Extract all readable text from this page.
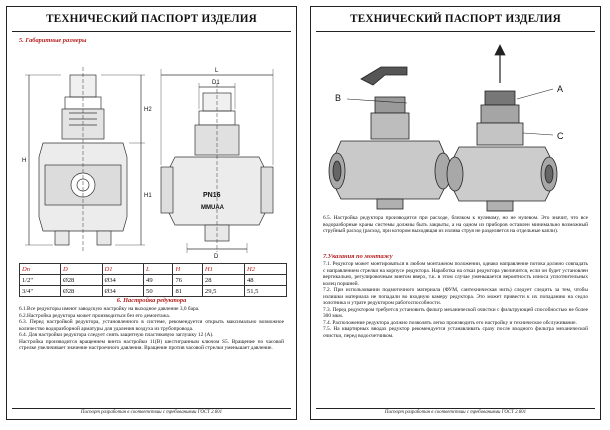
ТЕХНИЧЕСКИЙ ПАСПОРТ ИЗДЕЛИЯ
5. Габаритные размеры
H
H1
H2
L
D1
D
PN16
MMUAA
Dn	D	D1	L	H	H1	H2
1/2"	Ø28	Ø34	49	76	28	48
3/4"	Ø28	Ø34	50	81	29,5	51,5
6. Настройка редуктора

6.1.Все редукторы имеют заводскую настройку на выходное давление 3,0 бара.

6.2.Настройка редуктора может производиться без его демонтажа.

6.3. Перед настройкой редуктора, установленного в системе, рекомендуется открыть максимально возможное количество водоразборной арматуры для удаления воздуха из трубопровода.

6.4. Для настройки редуктора следует снять защитную пластиковую заглушку 12 (А).

Настройка производится вращением винта настройки 11(В) шестигранным ключом S5. Вращение по часовой стрелке увеличивает значение настроечного давления. Вращение против часовой стрелки уменьшает давление.

Паспорт разработан в соответствии с требованиями ГОСТ 2.601
ТЕХНИЧЕСКИЙ ПАСПОРТ ИЗДЕЛИЯ
A
B
C

6.5. Настройка редуктора производится при расходе, близком к нулевому, но не нулевом. Это значит, что все водоразборные краны системы должны быть закрыты, а на одном из приборов оставлен минимально возможный струйный расход (расход, при котором выходящая из излива струя не разделяется на отдельные капли).

7.Указания по монтажу

7.1. Редуктор может монтироваться в любом монтажном положении, однако направление потока должно совпадать с направлением стрелки на корпусе редуктора. Наработка на отказ редуктора увеличится, если он будет установлен вертикально, регулировочным винтом вверх, т.к. в этом случае уменьшается вероятность износа уплотнительных колец поршней.

7.2. При использовании подмоточного материала (ФУМ, сантехническая нить) следует следить за тем, чтобы излишки материала не попадали во входную камеру редуктора. Это может привести к их попаданию на седло золотника и утрате редуктором работоспособности.

7.3. Перед редуктором требуется установить фильтр механической очистки с фильтрующей способностью не более 300 мкм.

7.4. Расположение редуктора должно позволять легко производить его настройку и техническое обслуживание.

7.5. На квартирных вводах редуктор рекомендуется устанавливать сразу после входного фильтра механической очистки, перед водосчетчиком.

Паспорт разработан в соответствии с требованиями ГОСТ 2.601
